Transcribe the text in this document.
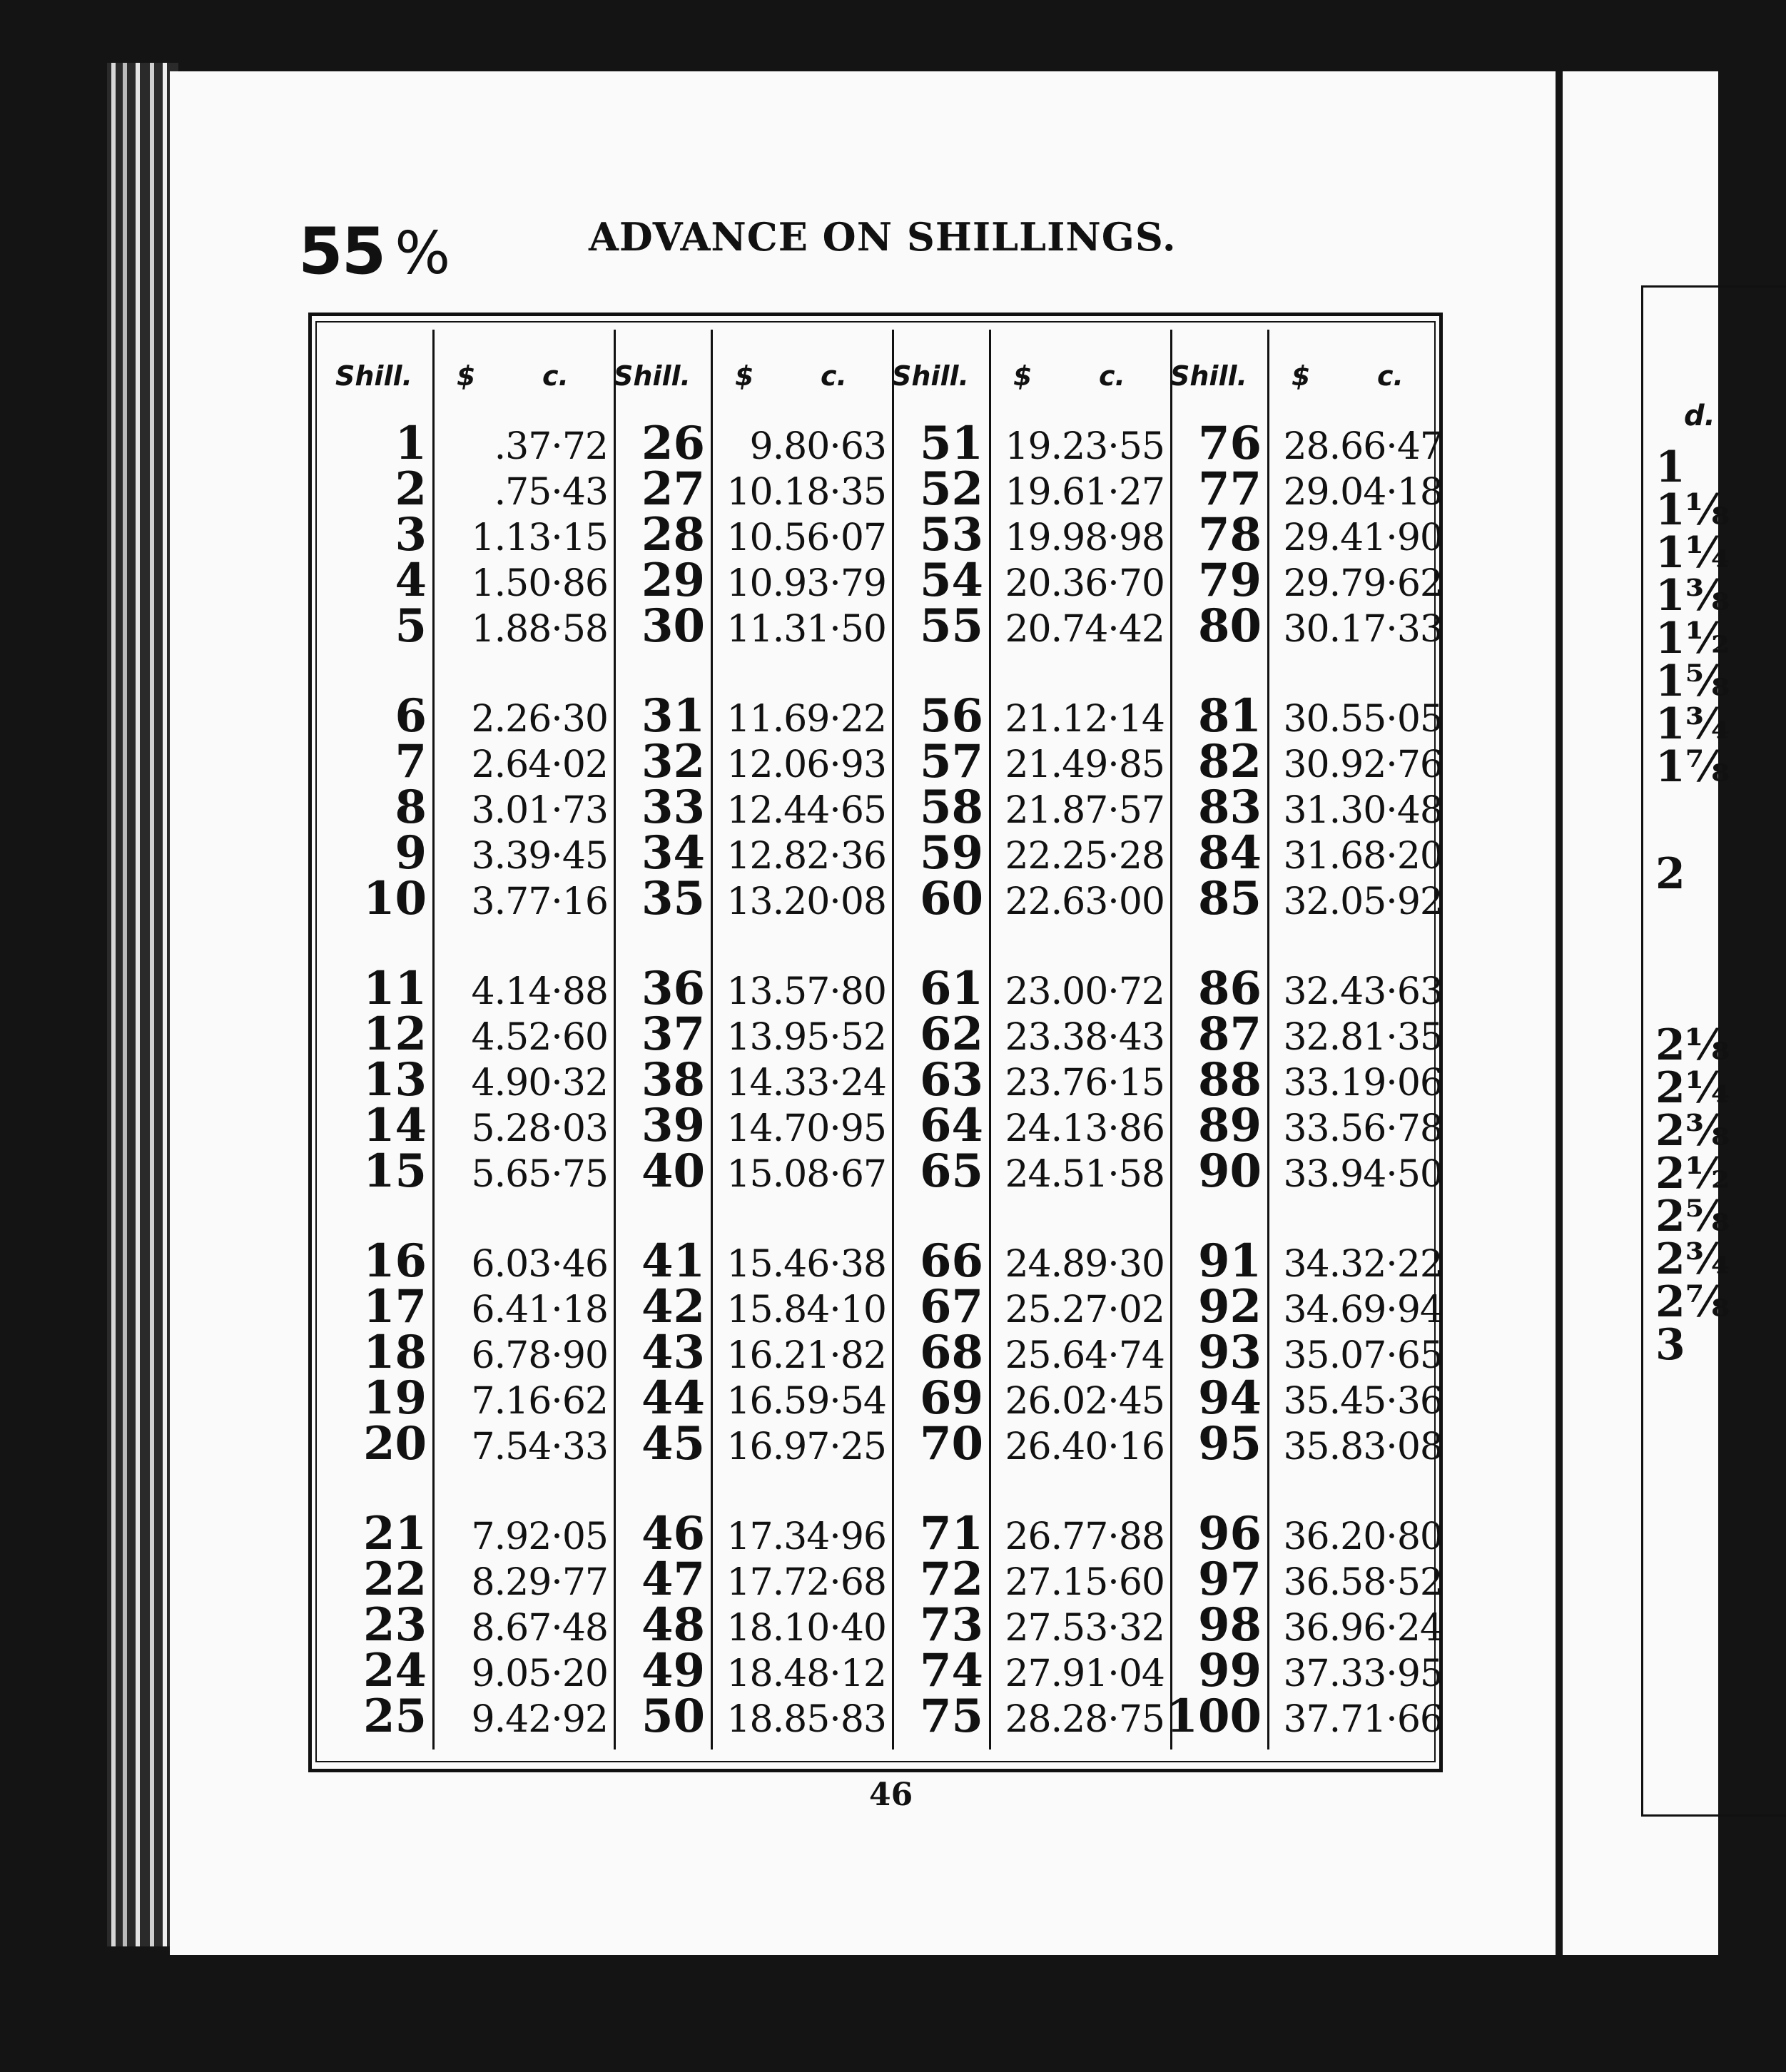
d.
1
1⅛
1¼
1⅜
1½
1⅝
1¾
1⅞
2
2⅛
2¼
2⅜
2½
2⅝
2¾
2⅞
3
55 %	ADVANCE ON SHILLINGS.
Shill. $ c.
1	.37·72
2	.75·43
3	1.13·15
4	1.50·86
5	1.88·58
6	2.26·30
7	2.64·02
8	3.01·73
9	3.39·45
10	3.77·16
11	4.14·88
12	4.52·60
13	4.90·32
14	5.28·03
15	5.65·75
16	6.03·46
17	6.41·18
18	6.78·90
19	7.16·62
20	7.54·33
21	7.92·05
22	8.29·77
23	8.67·48
24	9.05·20
25	9.42·92
Shill. $ c.
26	9.80·63
27 10.18·35
28 10.56·07
29 10.93·79
30 11.31·50
31 11.69·22
32 12.06·93
33 12.44·65
34 12.82·36
35 13.20·08
36 13.57·80
37 13.95·52
38 14.33·24
39 14.70·95
40 15.08·67
41 15.46·38
42 15.84·10
43 16.21·82
44 16.59·54
45 16.97·25
46 17.34·96
47 17.72·68
48 18.10·40
49 18.48·12
50 18.85·83
Shill. $ c.
51 19.23·55
52 19.61·27
53 19.98·98
54 20.36·70
55 20.74·42
56 21.12·14
57 21.49·85
58 21.87·57
59 22.25·28
60 22.63·00
61 23.00·72
62 23.38·43
63 23.76·15
64 24.13·86
65 24.51·58
66 24.89·30
67 25.27·02
68 25.64·74
69 26.02·45
70 26.40·16
71 26.77·88
72 27.15·60
73 27.53·32
74 27.91·04
75 28.28·75
Shill. $ c.
76 28.66·47
77 29.04·18
78 29.41·90
79 29.79·62
80 30.17·33
81 30.55·05
82 30.92·76
83 31.30·48
84 31.68·20
85 32.05·92
86 32.43·63
87 32.81·35
88 33.19·06
89 33.56·78
90 33.94·50
91 34.32·22
92 34.69·94
93 35.07·65
94 35.45·36
95 35.83·08
96 36.20·80
97 36.58·52
98 36.96·24
99 37.33·95
100 37.71·66
46
